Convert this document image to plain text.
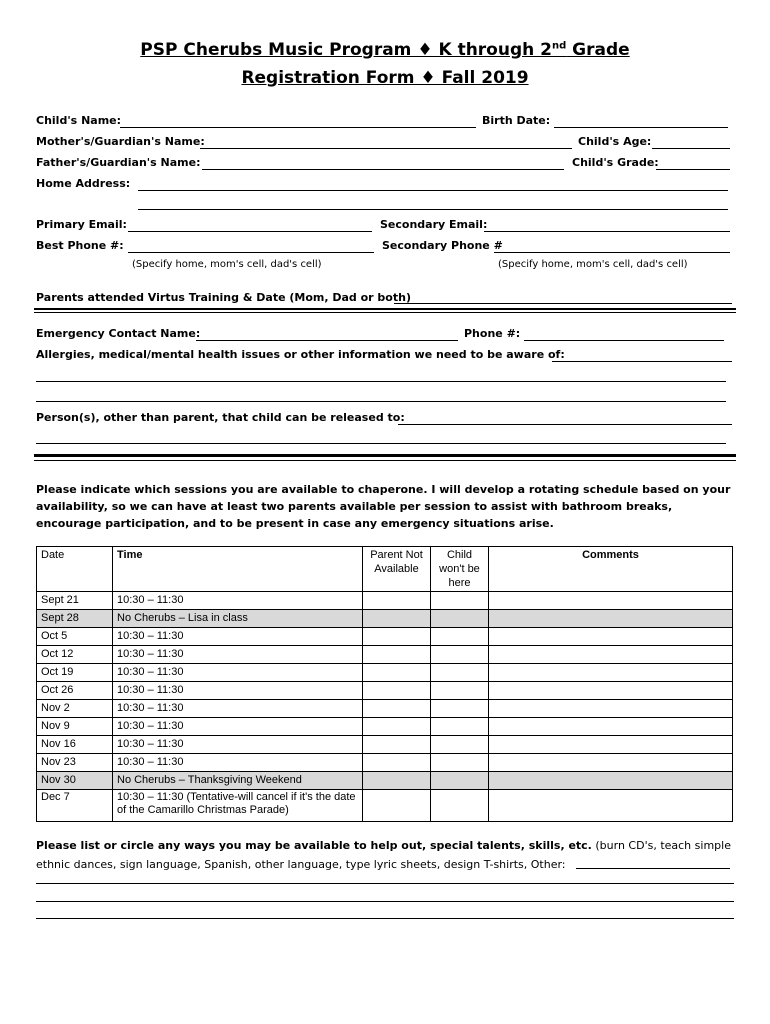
PSP Cherubs Music Program ♦ K through 2nd Grade
Registration Form ♦ Fall 2019
Child's Name:	Birth Date:
Mother's/Guardian's Name:	Child's Age:
Father's/Guardian's Name:	Child's Grade:
Home Address:
Primary Email:	Secondary Email:
Best Phone #:	Secondary Phone #
(Specify home, mom's cell, dad's cell)	(Specify home, mom's cell, dad's cell)
Parents attended Virtus Training & Date (Mom, Dad or both)
Emergency Contact Name:	Phone #:
Allergies, medical/mental health issues or other information we need to be aware of:
Person(s), other than parent, that child can be released to:
Please indicate which sessions you are available to chaperone. I will develop a rotating schedule based on your availability, so we can have at least two parents available per session to assist with bathroom breaks, encourage participation, and to be present in case any emergency situations arise.
Date	Time	Parent Not Available	Child won't be here	Comments
Sept 21	10:30 – 11:30			
Sept 28	No Cherubs – Lisa in class			
Oct 5	10:30 – 11:30			
Oct 12	10:30 – 11:30			
Oct 19	10:30 – 11:30			
Oct 26	10:30 – 11:30			
Nov 2	10:30 – 11:30			
Nov 9	10:30 – 11:30			
Nov 16	10:30 – 11:30			
Nov 23	10:30 – 11:30			
Nov 30	No Cherubs – Thanksgiving Weekend			
Dec 7	10:30 – 11:30 (Tentative-will cancel if it's the date of the Camarillo Christmas Parade)			
Please list or circle any ways you may be available to help out, special talents, skills, etc. (burn CD's, teach simple ethnic dances, sign language, Spanish, other language, type lyric sheets, design T-shirts, Other:
